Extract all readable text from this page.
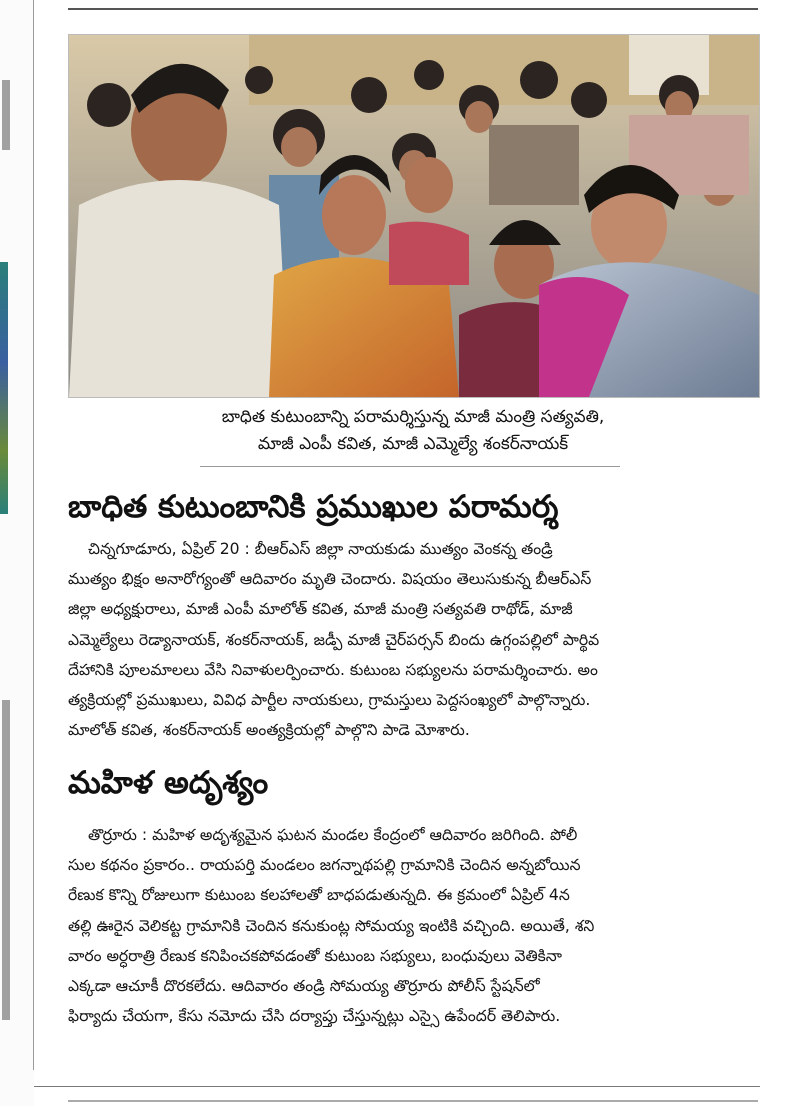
బాధిత కుటుంబాన్ని పరామర్శిస్తున్న మాజీ మంత్రి సత్యవతి,
మాజీ ఎంపీ కవిత, మాజీ ఎమ్మెల్యే శంకర్‌నాయక్
బాధిత కుటుంబానికి ప్రముఖుల పరామర్శ
చిన్నగూడూరు, ఏప్రిల్ 20 : బీఆర్‌ఎస్ జిల్లా నాయకుడు ముత్యం వెంకన్న తండ్రి
ముత్యం భిక్షం అనారోగ్యంతో ఆదివారం మృతి చెందారు. విషయం తెలుసుకున్న బీఆర్‌ఎస్
జిల్లా అధ్యక్షురాలు, మాజీ ఎంపీ మాలోత్ కవిత, మాజీ మంత్రి సత్యవతి రాథోడ్, మాజీ
ఎమ్మెల్యేలు రెడ్యానాయక్, శంకర్‌నాయక్, జడ్పీ మాజీ చైర్‌పర్సన్ బిందు ఉగ్గంపల్లిలో పార్థివ
దేహానికి పూలమాలలు వేసి నివాళులర్పించారు. కుటుంబ సభ్యులను పరామర్శించారు. అం
త్యక్రియల్లో ప్రముఖులు, వివిధ పార్టీల నాయకులు, గ్రామస్తులు పెద్దసంఖ్యలో పాల్గొన్నారు.
మాలోత్ కవిత, శంకర్‌నాయక్ అంత్యక్రియల్లో పాల్గొని పాడె మోశారు.
మహిళ అదృశ్యం
తొర్రూరు : మహిళ అదృశ్యమైన ఘటన మండల కేంద్రంలో ఆదివారం జరిగింది. పోలీ
సుల కథనం ప్రకారం.. రాయపర్తి మండలం జగన్నాథపల్లి గ్రామానికి చెందిన అన్నబోయిన
రేణుక కొన్ని రోజులుగా కుటుంబ కలహాలతో బాధపడుతున్నది. ఈ క్రమంలో ఏప్రిల్ 4న
తల్లి ఊరైన వెలికట్ట గ్రామానికి చెందిన కనుకుంట్ల సోమయ్య ఇంటికి వచ్చింది. అయితే, శని
వారం అర్ధరాత్రి రేణుక కనిపించకపోవడంతో కుటుంబ సభ్యులు, బంధువులు వెతికినా
ఎక్కడా ఆచూకీ దొరకలేదు. ఆదివారం తండ్రి సోమయ్య తొర్రూరు పోలీస్ స్టేషన్‌లో
ఫిర్యాదు చేయగా, కేసు నమోదు చేసి దర్యాప్తు చేస్తున్నట్లు ఎస్సై ఉపేందర్ తెలిపారు.
